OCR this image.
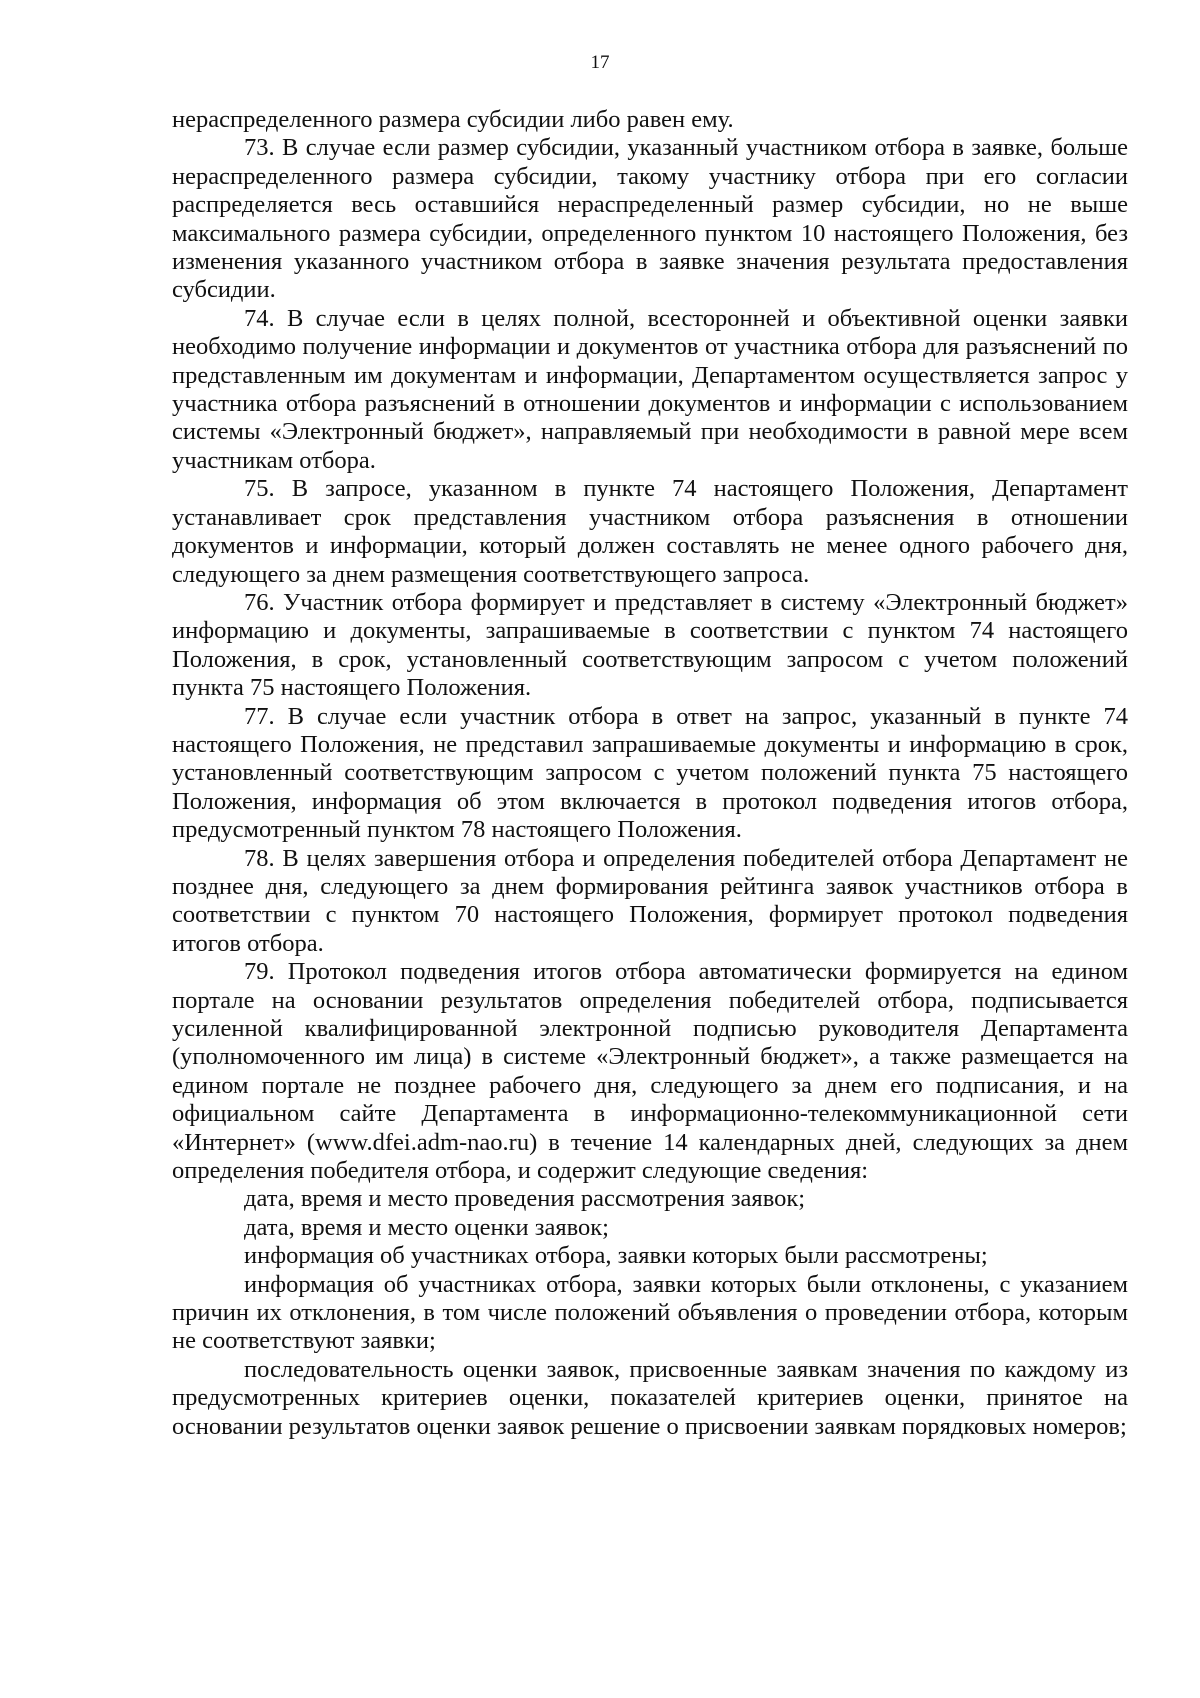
17

нераспределенного размера субсидии либо равен ему.

73. В случае если размер субсидии, указанный участником отбора в заявке, больше нераспределенного размера субсидии, такому участнику отбора при его согласии распределяется весь оставшийся нераспределенный размер субсидии, но не выше максимального размера субсидии, определенного пунктом 10 настоящего Положения, без изменения указанного участником отбора в заявке значения результата предоставления субсидии.

74. В случае если в целях полной, всесторонней и объективной оценки заявки необходимо получение информации и документов от участника отбора для разъяснений по представленным им документам и информации, Департаментом осуществляется запрос у участника отбора разъяснений в отношении документов и информации с использованием системы «Электронный бюджет», направляемый при необходимости в равной мере всем участникам отбора.

75. В запросе, указанном в пункте 74 настоящего Положения, Департамент устанавливает срок представления участником отбора разъяснения в отношении документов и информации, который должен составлять не менее одного рабочего дня, следующего за днем размещения соответствующего запроса.

76. Участник отбора формирует и представляет в систему «Электронный бюджет» информацию и документы, запрашиваемые в соответствии с пунктом 74 настоящего Положения, в срок, установленный соответствующим запросом с учетом положений пункта 75 настоящего Положения.

77. В случае если участник отбора в ответ на запрос, указанный в пункте 74 настоящего Положения, не представил запрашиваемые документы и информацию в срок, установленный соответствующим запросом с учетом положений пункта 75 настоящего Положения, информация об этом включается в протокол подведения итогов отбора, предусмотренный пунктом 78 настоящего Положения.

78. В целях завершения отбора и определения победителей отбора Департамент не позднее дня, следующего за днем формирования рейтинга заявок участников отбора в соответствии с пунктом 70 настоящего Положения, формирует протокол подведения итогов отбора.

79. Протокол подведения итогов отбора автоматически формируется на едином портале на основании результатов определения победителей отбора, подписывается усиленной квалифицированной электронной подписью руководителя Департамента (уполномоченного им лица) в системе «Электронный бюджет», а также размещается на едином портале не позднее рабочего дня, следующего за днем его подписания, и на официальном сайте Департамента в информационно-телекоммуникационной сети «Интернет» (www.dfei.adm-nao.ru) в течение 14 календарных дней, следующих за днем определения победителя отбора, и содержит следующие сведения:

дата, время и место проведения рассмотрения заявок;

дата, время и место оценки заявок;

информация об участниках отбора, заявки которых были рассмотрены;

информация об участниках отбора, заявки которых были отклонены, с указанием причин их отклонения, в том числе положений объявления о проведении отбора, которым не соответствуют заявки;

последовательность оценки заявок, присвоенные заявкам значения по каждому из предусмотренных критериев оценки, показателей критериев оценки, принятое на основании результатов оценки заявок решение о присвоении заявкам порядковых номеров;
